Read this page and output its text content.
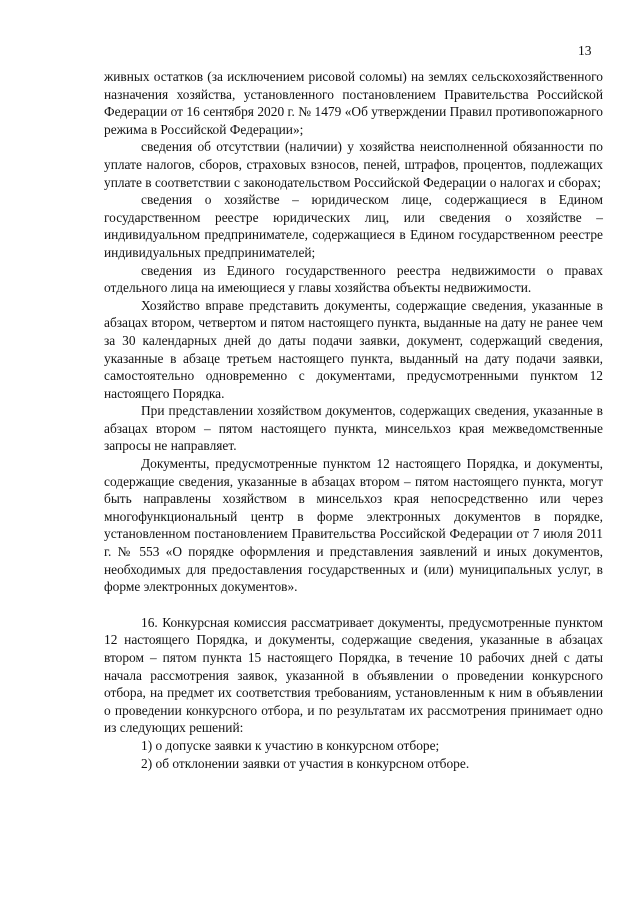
13

живных остатков (за исключением рисовой соломы) на землях сельскохозяйственного назначения хозяйства, установленного постановлением Правительства Российской Федерации от 16 сентября 2020 г. № 1479 «Об утверждении Правил противопожарного режима в Российской Федерации»;

сведения об отсутствии (наличии) у хозяйства неисполненной обязанности по уплате налогов, сборов, страховых взносов, пеней, штрафов, процентов, подлежащих уплате в соответствии с законодательством Российской Федерации о налогах и сборах;

сведения о хозяйстве – юридическом лице, содержащиеся в Едином государственном реестре юридических лиц, или сведения о хозяйстве – индивидуальном предпринимателе, содержащиеся в Едином государственном реестре индивидуальных предпринимателей;

сведения из Единого государственного реестра недвижимости о правах отдельного лица на имеющиеся у главы хозяйства объекты недвижимости.

Хозяйство вправе представить документы, содержащие сведения, указанные в абзацах втором, четвертом и пятом настоящего пункта, выданные на дату не ранее чем за 30 календарных дней до даты подачи заявки, документ, содержащий сведения, указанные в абзаце третьем настоящего пункта, выданный на дату подачи заявки, самостоятельно одновременно с документами, предусмотренными пунктом 12 настоящего Порядка.

При представлении хозяйством документов, содержащих сведения, указанные в абзацах втором – пятом настоящего пункта, минсельхоз края межведомственные запросы не направляет.

Документы, предусмотренные пунктом 12 настоящего Порядка, и документы, содержащие сведения, указанные в абзацах втором – пятом настоящего пункта, могут быть направлены хозяйством в минсельхоз края непосредственно или через многофункциональный центр в форме электронных документов в порядке, установленном постановлением Правительства Российской Федерации от 7 июля 2011 г. № 553 «О порядке оформления и представления заявлений и иных документов, необходимых для предоставления государственных и (или) муниципальных услуг, в форме электронных документов».

16. Конкурсная комиссия рассматривает документы, предусмотренные пунктом 12 настоящего Порядка, и документы, содержащие сведения, указанные в абзацах втором – пятом пункта 15 настоящего Порядка, в течение 10 рабочих дней с даты начала рассмотрения заявок, указанной в объявлении о проведении конкурсного отбора, на предмет их соответствия требованиям, установленным к ним в объявлении о проведении конкурсного отбора, и по результатам их рассмотрения принимает одно из следующих решений:

1) о допуске заявки к участию в конкурсном отборе;

2) об отклонении заявки от участия в конкурсном отборе.
